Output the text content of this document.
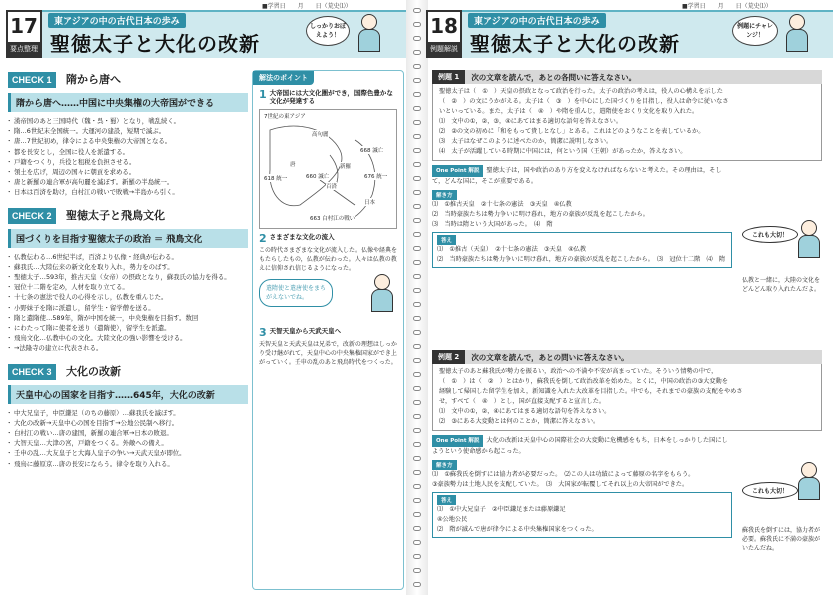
■学習日　　月　　日（荒史⑴）
17
要点整理
東アジアの中の古代日本の歩み
聖徳太子と大化の改新
しっかりおぼえよう！
CHECK 1	隋から唐へ
隋から唐へ……中国に中央集権の大帝国ができる
・ 漢帝国のあと三国時代（魏・呉・蜀）となり，戦乱続く。
・ 隋…6世紀末全国統一。大運河の建設，短期で滅ぶ。
・ 唐…7世紀初め，律令による中央集権の大帝国となる。
・ 都を長安とし，全国に役人を派遣する。
・ 戸籍をつくり，兵役と租税を負担させる。
・ 領土を広げ，周辺の国々に朝貢を求める。
・ 唐と新羅の連合軍が高句麗を滅ぼす。新羅の半島統一。
・ 日本は百済を助け，白村江の戦いで敗戦→半島から引く。
CHECK 2	聖徳太子と飛鳥文化
国づくりを目指す聖徳太子の政治 ＝ 飛鳥文化
・ 仏教伝わる…6世紀半ば，百済より仏像・経典が伝わる。
・ 蘇我氏…大陸伝来の新文化を取り入れ，勢力をのばす。
・ 聖徳太子…593年，推古天皇（女帝）の摂政となり，蘇我氏の協力を得る。
・ 冠位十二階を定め，人材を取り立てる。
・ 十七条の憲法で役人の心得を示し，仏教を重んじた。
・ 小野妹子を隋に派遣し，留学生・留学僧を送る。
・ 隋と遣隋使…589年，隋が中国を統一，中央集権を目指す。数回
・ にわたって隋に使者を送り（遣隋使），留学生を派遣。
・ 飛鳥文化…仏教中心の文化。大陸文化の強い影響を受ける。
・ →法隆寺の建立に代表される。
CHECK 3	大化の改新
天皇中心の国家を目指す……645年，大化の改新
・ 中大兄皇子，中臣鎌足（のちの藤原）…蘇我氏を滅ぼす。
・ 大化の改新→天皇中心の国を目指す→公地公民制へ移行。
・ 白村江の戦い…唐の建国，新羅の連合軍→日本の敗退。
・ 大智天皇…大津の宮，戸籍をつくる。外敵への備え。
・ 壬申の乱…大友皇子と大海人皇子の争い→天武天皇が即位。
・ 飛鳥に藤原京…唐の長安にならう。律令を取り入れる。
解法のポイント
1 大帝国には大文化圏ができ，国際色豊かな文化が発達する
7世紀の東アジア
高句麗
唐	新羅
百済
日本
618 統一	660 滅亡
663 白村江の戦い
668 滅亡
676 統一
2 さまざまな文化の流入
この時代さまざまな文化が流入した。仏像や経典をもたらしたもの，仏教が伝わった。人々は仏教の教えに信仰され信じるようになった。
遣隋使と遣唐使をまちがえないでね。
3 天智天皇から天武天皇へ
天智天皇と天武天皇は兄弟で，改新の理想はしっかり受け継がれて，天皇中心の中央集権国家ができ上がっていく。壬申の乱のあと飛鳥時代をつくった。
■学習日　　月　　日（荒史⑴）
18
例題解説
東アジアの中の古代日本の歩み
聖徳太子と大化の改新
例題にチャレンジ！
例題 1	次の文章を読んで，あとの各問いに答えなさい。

聖徳太子は（　①　）天皇の摂政となって政治を行った。太子の政治の考えは，役人の心構えを示した

（　②　）の文にうかがえる。太子は（　③　）を中心にした国づくりを目指し，役人は命令に従いなさ

いといっている。また，太子は（　④　）や隋を重んじ，遣隋使をおくり文化を取り入れた。

⑴　文中の①，②，③，④にあてはまる適切な語句を答えなさい。

⑵　②の文の初めに「和をもって貴しとなし」とある。これはどのようなことを表しているか。

⑶　太子はなぜこのように述べたのか，簡潔に説明しなさい。

⑷　太子が活躍している時期に中国には，何という国（王朝）があったか，答えなさい。

One Point 解説 聖徳太子は，国や政治のあり方を変えなければならないと考えた。その理由は，そして，どんな国に，そこが重要である。
解き方
⑴　①推古天皇　②十七条の憲法　③天皇　④仏教
⑵　当時豪族たちは勢力争いに明け暮れ，地方の豪族が反乱を起こしたから。
⑶　当時は隋という大国があった。　⑷　隋
答え
⑴　①推古（天皇）　②十七条の憲法　③天皇　④仏教
⑵　当時豪族たちは勢力争いに明け暮れ，地方の豪族が反乱を起こしたから。　⑶　冠位十二階　⑷　隋
これも大切！
仏教と一緒に，大陸の文化をどんどん取り入れたんだよ。
例題 2	次の文章を読んで，あとの問いに答えなさい。

聖徳太子のあと蘇我氏が勢力を振るい，政治への不満や不安が高まっていた。そういう情勢の中で，

（　①　）は（　②　）とはかり，蘇我氏を倒して政治改革を始めた。とくに，中国の政治の③大変動を

経験して帰国した留学生を加え，新知識を入れた大改革を目指した。中でも，それまでの豪族の支配をやめさ

せ，すべて（　④　）とし，国が直接支配すると宣言した。

⑴　文中の①，②，④にあてはまる適切な語句を答えなさい。

⑵　③にある大変動とは何のことか，簡潔に答えなさい。

One Point 解説 大化の改新は天皇中心の国際社会の大変動に危機感をもち，日本をしっかりした国にしようという使命感から起こった。
解き方
⑴　①蘇我氏を倒すには協力者が必要だった。　⑵この人は功績によって藤原の名字をもらう。
③豪族勢力は土地人民を支配していた。　⑶　大国家が転覆してそれ以上の大帝国ができた。
答え
⑴　①中大兄皇子　②中臣鎌足または藤原鎌足
④公地公民
⑵　隋が滅んで唐が律令による中央集権国家をつくった。
これも大切！
蘇我氏を倒すには，協力者が必要。蘇我氏に不満の豪族がいたんだね。
